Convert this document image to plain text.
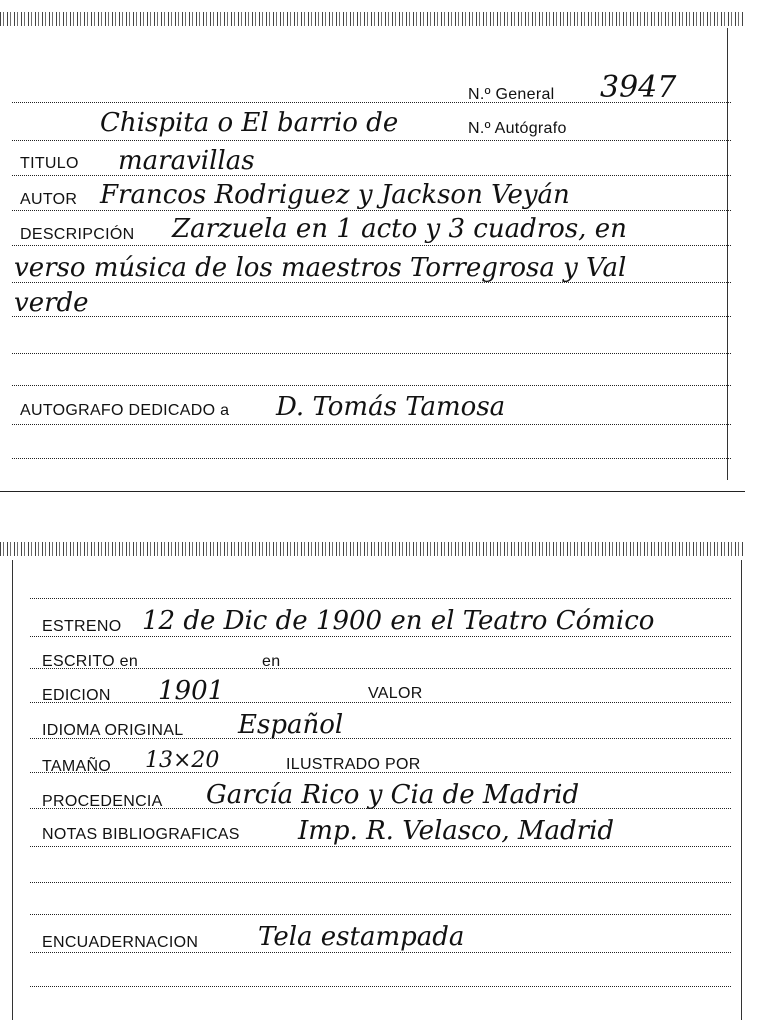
N.º General 3947
Chispita o El barrio de	N.º Autógrafo
TITULO maravillas
AUTOR Francos Rodriguez y Jackson Veyán
DESCRIPCIÓN Zarzuela en 1 acto y 3 cuadros, en
verso música de los maestros Torregrosa y Val
verde
AUTOGRAFO DEDICADO a D. Tomás Tamosa
ESTRENO 12 de Dic de 1900 en el Teatro Cómico
ESCRITO en	en
EDICION 1901	VALOR
IDIOMA ORIGINAL Español
TAMAÑO 13×20	ILUSTRADO POR
PROCEDENCIA García Rico y Cia de Madrid
NOTAS BIBLIOGRAFICAS Imp. R. Velasco, Madrid
ENCUADERNACION Tela estampada
